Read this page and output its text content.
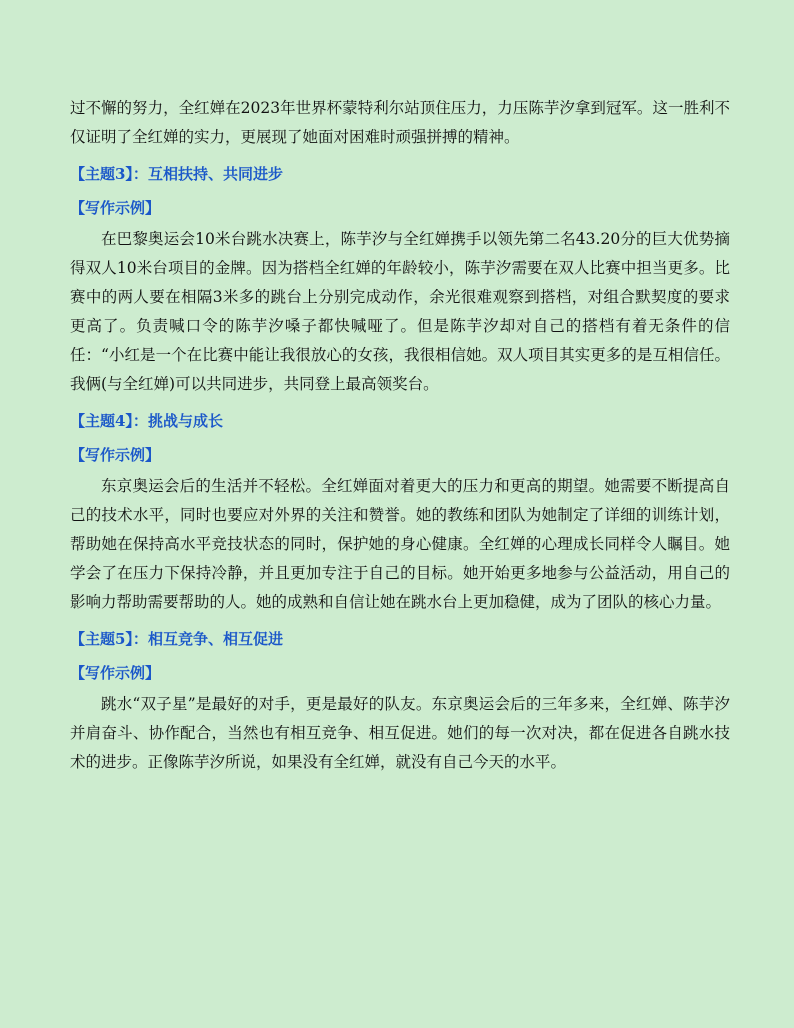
过不懈的努力，全红婵在2023年世界杯蒙特利尔站顶住压力，力压陈芋汐拿到冠军。这一胜利不仅证明了全红婵的实力，更展现了她面对困难时顽强拼搏的精神。

【主题3】：互相扶持、共同进步
【写作示例】

在巴黎奥运会10米台跳水决赛上，陈芋汐与全红婵携手以领先第二名43.20分的巨大优势摘得双人10米台项目的金牌。因为搭档全红婵的年龄较小，陈芋汐需要在双人比赛中担当更多。比赛中的两人要在相隔3米多的跳台上分别完成动作，余光很难观察到搭档，对组合默契度的要求更高了。负责喊口令的陈芋汐嗓子都快喊哑了。但是陈芋汐却对自己的搭档有着无条件的信任：“小红是一个在比赛中能让我很放心的女孩，我很相信她。双人项目其实更多的是互相信任。我俩(与全红婵)可以共同进步，共同登上最高领奖台。

【主题4】：挑战与成长
【写作示例】

东京奥运会后的生活并不轻松。全红婵面对着更大的压力和更高的期望。她需要不断提高自己的技术水平，同时也要应对外界的关注和赞誉。她的教练和团队为她制定了详细的训练计划，帮助她在保持高水平竞技状态的同时，保护她的身心健康。全红婵的心理成长同样令人瞩目。她学会了在压力下保持冷静，并且更加专注于自己的目标。她开始更多地参与公益活动，用自己的影响力帮助需要帮助的人。她的成熟和自信让她在跳水台上更加稳健，成为了团队的核心力量。

【主题5】：相互竞争、相互促进
【写作示例】

跳水“双子星”是最好的对手，更是最好的队友。东京奥运会后的三年多来，全红婵、陈芋汐并肩奋斗、协作配合，当然也有相互竞争、相互促进。她们的每一次对决，都在促进各自跳水技术的进步。正像陈芋汐所说，如果没有全红婵，就没有自己今天的水平。
